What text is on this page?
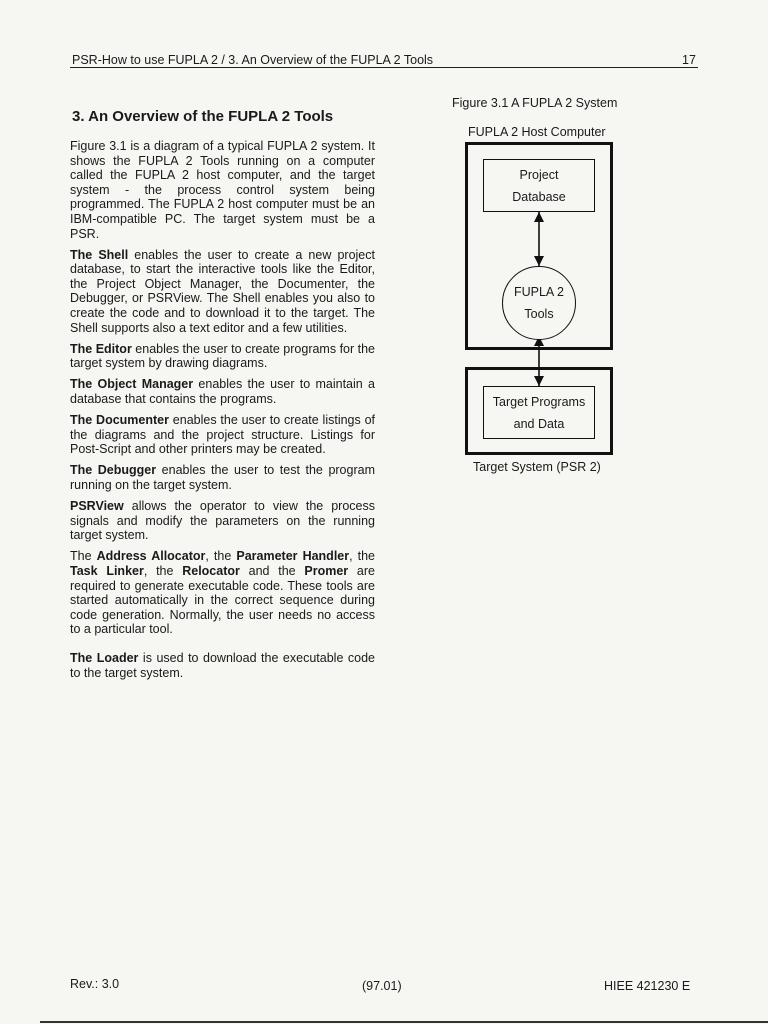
PSR-How to use FUPLA 2 / 3. An Overview of the FUPLA 2 Tools	17
3. An Overview of the FUPLA 2 Tools

Figure 3.1 is a diagram of a typical FUPLA 2 system. It shows the FUPLA 2 Tools running on a computer called the FUPLA 2 host computer, and the target system - the process control system being programmed. The FUPLA 2 host computer must be an IBM-compatible PC. The target system must be a PSR.

The Shell enables the user to create a new project database, to start the interactive tools like the Editor, the Project Object Manager, the Documenter, the Debugger, or PSRView. The Shell enables you also to create the code and to download it to the target. The Shell supports also a text editor and a few utilities.

The Editor enables the user to create programs for the target system by drawing diagrams.

The Object Manager enables the user to maintain a database that contains the programs.

The Documenter enables the user to create listings of the diagrams and the project structure. Listings for Post-Script and other printers may be created.

The Debugger enables the user to test the program running on the target system.

PSRView allows the operator to view the process signals and modify the parameters on the running target system.

The Address Allocator, the Parameter Handler, the Task Linker, the Relocator and the Promer are required to generate executable code. These tools are started automatically in the correct sequence during code generation. Normally, the user needs no access to a particular tool.

The Loader is used to download the executable code to the target system.

Figure 3.1 A FUPLA 2 System
FUPLA 2 Host Computer
Project
Database
FUPLA 2
Tools
Target Programs
and Data
Target System (PSR 2)
Rev.: 3.0	(97.01)	HIEE 421230 E
